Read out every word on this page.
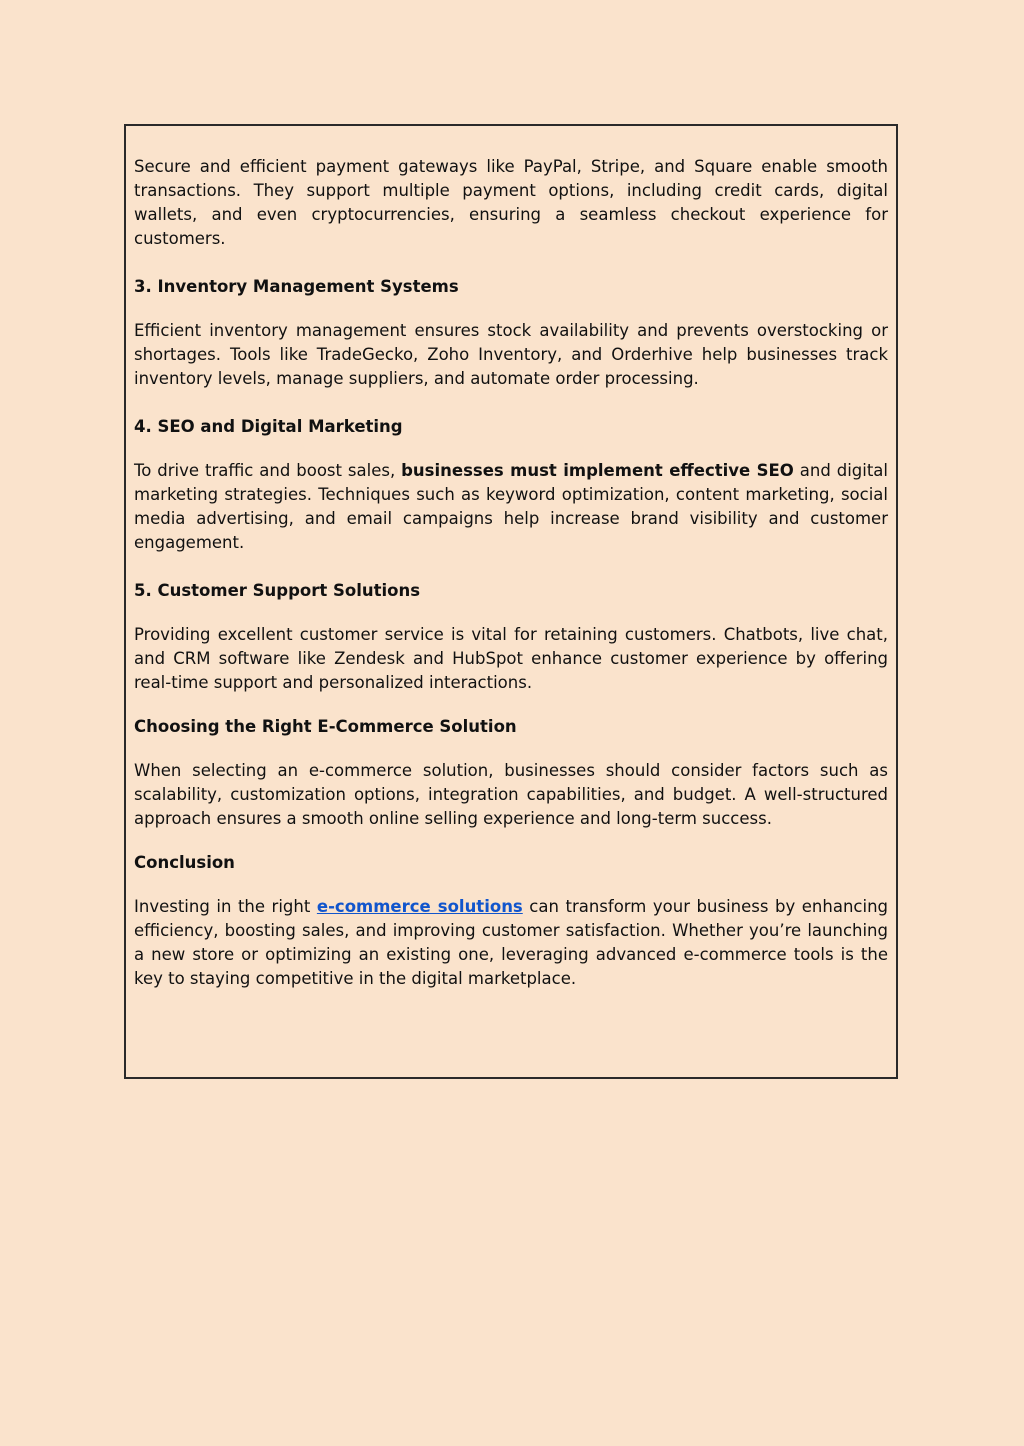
Secure and efficient payment gateways like PayPal, Stripe, and Square enable smooth transactions. They support multiple payment options, including credit cards, digital wallets, and even cryptocurrencies, ensuring a seamless checkout experience for customers.

3. Inventory Management Systems

Efficient inventory management ensures stock availability and prevents overstocking or shortages. Tools like TradeGecko, Zoho Inventory, and Orderhive help businesses track inventory levels, manage suppliers, and automate order processing.

4. SEO and Digital Marketing

To drive traffic and boost sales, businesses must implement effective SEO and digital marketing strategies. Techniques such as keyword optimization, content marketing, social media advertising, and email campaigns help increase brand visibility and customer engagement.

5. Customer Support Solutions

Providing excellent customer service is vital for retaining customers. Chatbots, live chat, and CRM software like Zendesk and HubSpot enhance customer experience by offering real-time support and personalized interactions.

Choosing the Right E-Commerce Solution

When selecting an e-commerce solution, businesses should consider factors such as scalability, customization options, integration capabilities, and budget. A well-structured approach ensures a smooth online selling experience and long-term success.

Conclusion

Investing in the right e-commerce solutions can transform your business by enhancing efficiency, boosting sales, and improving customer satisfaction. Whether you’re launching a new store or optimizing an existing one, leveraging advanced e-commerce tools is the key to staying competitive in the digital marketplace.
